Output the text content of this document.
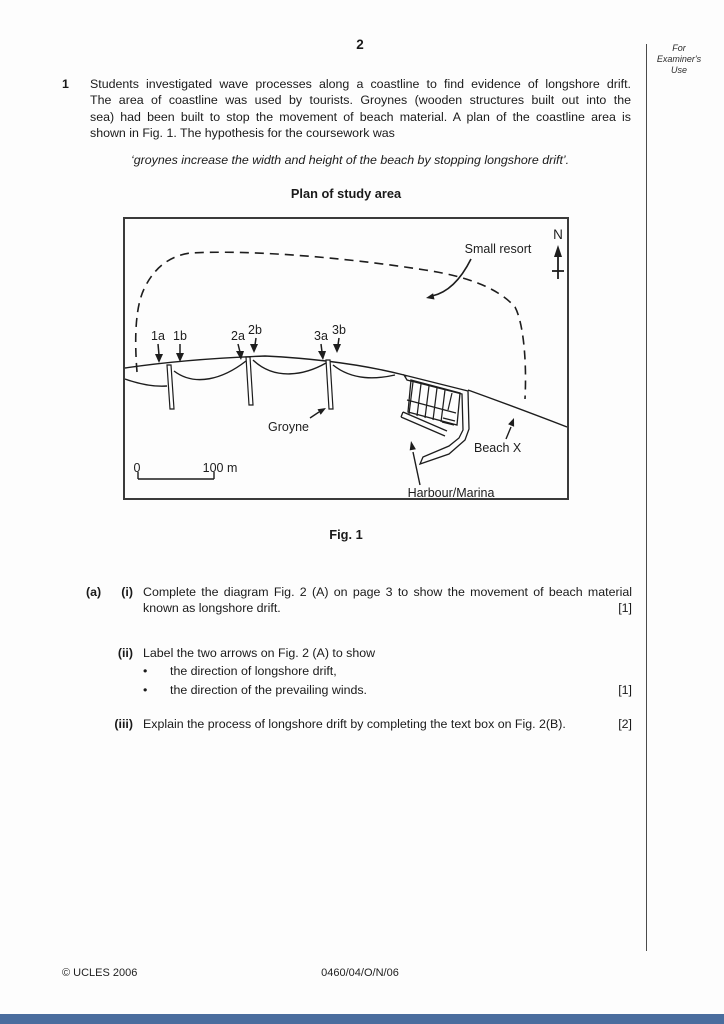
2	For
Examiner's
Use
1 Students investigated wave processes along a coastline to find evidence of longshore drift.
The area of coastline was used by tourists. Groynes (wooden structures built out into the
sea) had been built to stop the movement of beach material. A plan of the coastline area is
shown in Fig. 1. The hypothesis for the coursework was
‘groynes increase the width and height of the beach by stopping longshore drift’.
Plan of study area
N
Small resort
1a 1b	2a 2b	3a 3b
Groyne
Beach X
Harbour/Marina
0	100 m
Fig. 1
(a)	(i) Complete the diagram Fig. 2 (A) on page 3 to show the movement of beach material
known as longshore drift.	[1]
(ii) Label the two arrows on Fig. 2 (A) to show
• the direction of longshore drift,
• the direction of the prevailing winds.	[1]
(iii) Explain the process of longshore drift by completing the text box on Fig. 2(B).	[2]
© UCLES 2006	0460/04/O/N/06
